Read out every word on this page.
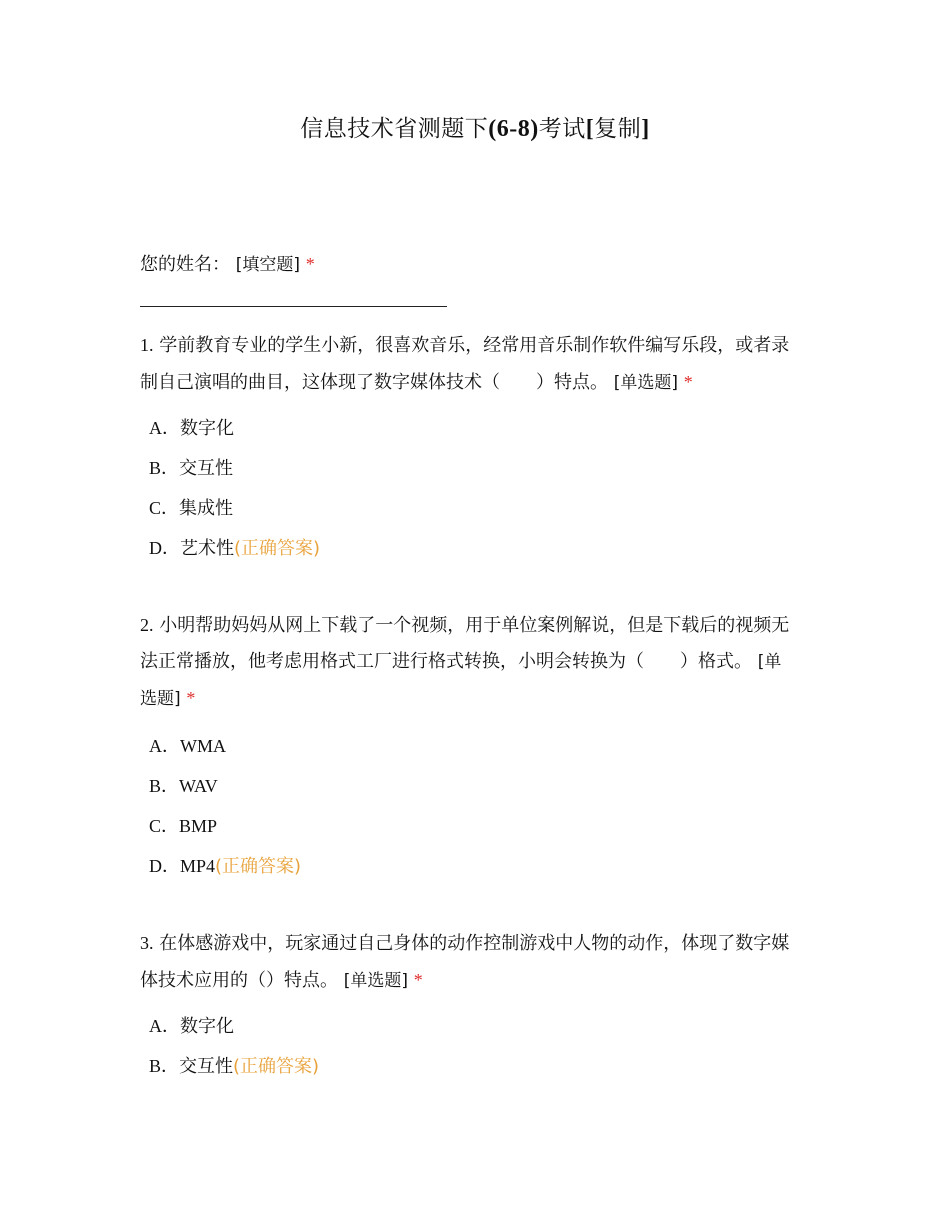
信息技术省测题下(6-8)考试[复制]
您的姓名： [填空题] *
1. 学前教育专业的学生小新，很喜欢音乐，经常用音乐制作软件编写乐段，或者录
制自己演唱的曲目，这体现了数字媒体技术（　　）特点。 [单选题] *
A．数字化
B．交互性
C．集成性
D．艺术性(正确答案)
2. 小明帮助妈妈从网上下载了一个视频，用于单位案例解说，但是下载后的视频无
法正常播放，他考虑用格式工厂进行格式转换，小明会转换为（　　）格式。 [单
选题] *
A．WMA
B．WAV
C．BMP
D．MP4(正确答案)
3. 在体感游戏中，玩家通过自己身体的动作控制游戏中人物的动作，体现了数字媒
体技术应用的（）特点。 [单选题] *
A．数字化
B．交互性(正确答案)
